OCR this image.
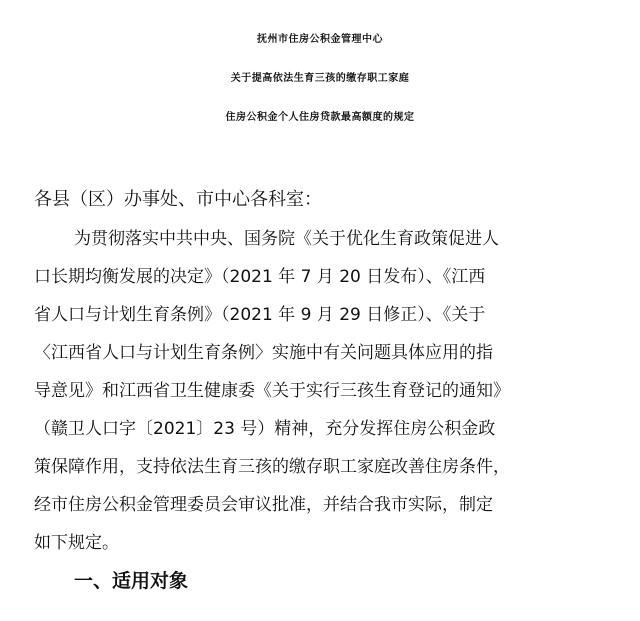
抚州市住房公积金管理中心
关于提高依法生育三孩的缴存职工家庭
住房公积金个人住房贷款最高额度的规定
各县（区）办事处、市中心各科室：
为贯彻落实中共中央、国务院《关于优化生育政策促进人
口长期均衡发展的决定》（2021 年 7 月 20 日发布）、《江西
省人口与计划生育条例》（2021 年 9 月 29 日修正）、《关于
〈江西省人口与计划生育条例〉实施中有关问题具体应用的指
导意见》和江西省卫生健康委《关于实行三孩生育登记的通知》
（赣卫人口字〔2021〕23 号）精神，充分发挥住房公积金政
策保障作用，支持依法生育三孩的缴存职工家庭改善住房条件，
经市住房公积金管理委员会审议批准，并结合我市实际，制定
如下规定。
一、适用对象
